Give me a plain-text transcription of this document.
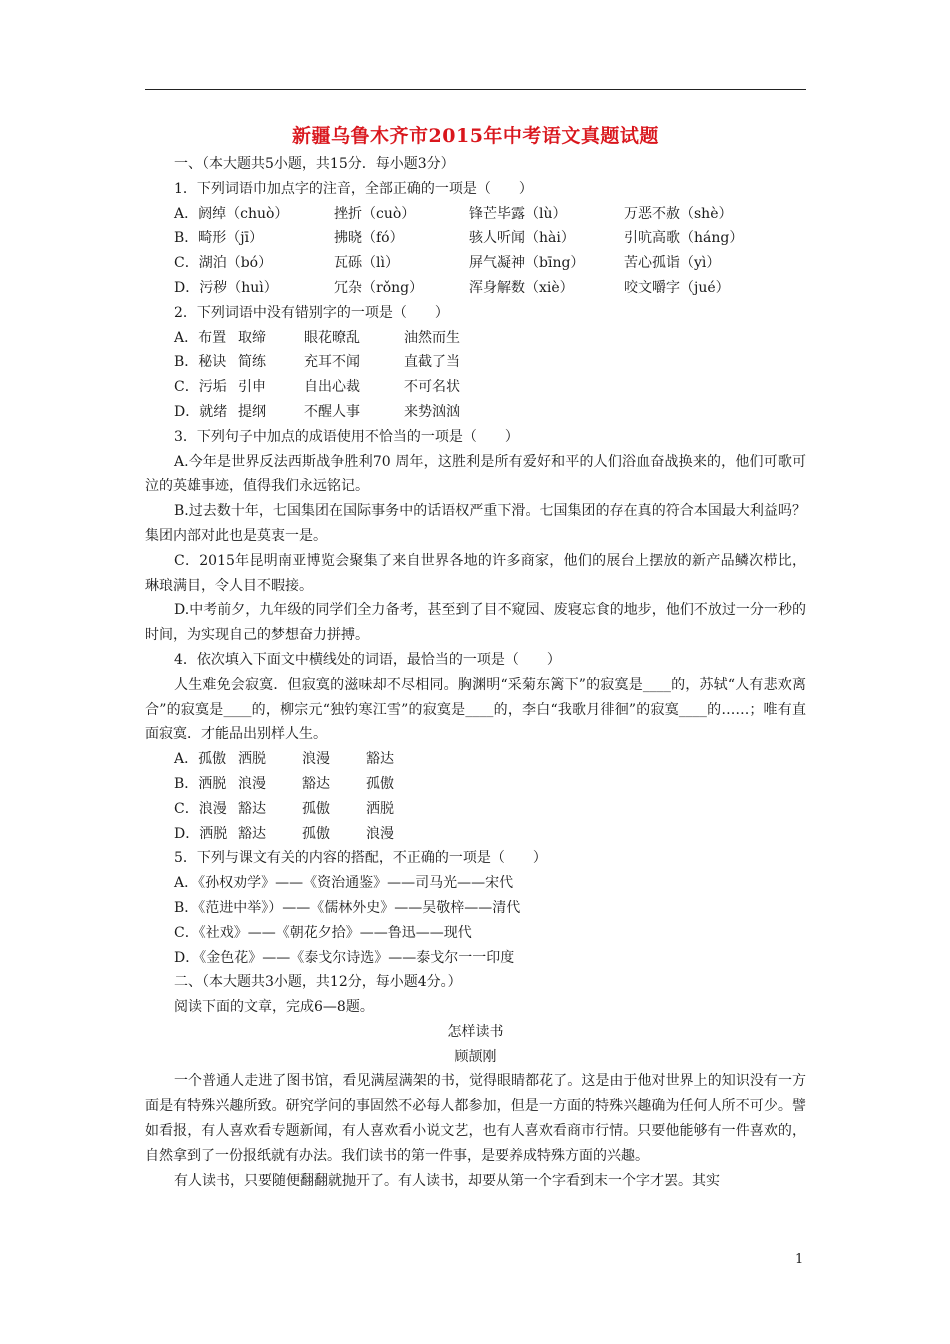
新疆乌鲁木齐市2015年中考语文真题试题

一、（本大题共5小题，共15分．每小题3分）

1．下列词语巾加点字的注音，全部正确的一项是（　　）

A．阏绰（chuò）	挫折（cuò）	锋芒毕露（lù）	万恶不赦（shè）

B．畸形（jī）	拂晓（fó）	骇人听闻（hài）	引吭高歌（háng）

C．湖泊（bó）	瓦砾（lì）	屏气凝神（bīng）	苦心孤诣（yì）

D．污秽（huì）	冗杂（rǒng）	浑身解数（xiè）	咬文嚼字（jué）

2．下列词语中没有错别字的一项是（　　）

A．布置 取缔	眼花暸乱	油然而生

B．秘诀 简练	充耳不闻	直截了当

C．污垢 引申	自出心裁	不可名状

D．就绪 提纲	不醒人事	来势汹汹

3．下列句子中加点的成语使用不恰当的一项是（　　）

A.今年是世界反法西斯战争胜利70 周年，这胜利是所有爱好和平的人们浴血奋战换来的，他们可歌可泣的英雄事迹，值得我们永远铭记。

B.过去数十年，七国集团在国际事务中的话语权严重下滑。七国集团的存在真的符合本国最大利益吗？集团内部对此也是莫衷一是。

C．2015年昆明南亚博览会聚集了来自世界各地的许多商家，他们的展台上摆放的新产品鳞次栉比，琳琅满目，令人目不暇接。

D.中考前夕，九年级的同学们全力备考，甚至到了目不窥园、废寝忘食的地步，他们不放过一分一秒的时间，为实现自己的梦想奋力拼搏。

4．依次填入下面文中横线处的词语，最恰当的一项是（　　）

人生难免会寂寞．但寂寞的滋味却不尽相同。胸渊明“采菊东篱下”的寂寞是____的，苏轼“人有悲欢离合”的寂寞是____的，柳宗元“独钓寒江雪”的寂寞是____的，李白“我歌月徘徊”的寂寞____的……；唯有直面寂寞．才能品出别样人生。

A．孤傲 洒脱	浪漫	豁达

B．洒脱 浪漫	豁达	孤傲

C．浪漫 豁达	孤傲	洒脱

D．洒脱 豁达	孤傲	浪漫

5．下列与课文有关的内容的搭配，不正确的一项是（　　）

A．《孙权劝学》——《资治通鉴》——司马光——宋代

B．《范进中举》）——《儒林外史》——吴敬梓——清代

C．《社戏》——《朝花夕拾》——鲁迅——现代

D．《金色花》——《泰戈尔诗选》——泰戈尔一一印度

二、（本大题共3小题，共12分，每小题4分。）

阅读下面的文章，完成6—8题。

怎样读书

顾颉刚

一个普通人走进了图书馆，看见满屋满架的书，觉得眼睛都花了。这是由于他对世界上的知识没有一方面是有特殊兴趣所致。研究学问的事固然不必每人都参加，但是一方面的特殊兴趣确为任何人所不可少。譬如看报，有人喜欢看专题新闻，有人喜欢看小说文艺，也有人喜欢看商市行情。只要他能够有一件喜欢的，自然拿到了一份报纸就有办法。我们读书的第一件事，是要养成特殊方面的兴趣。

有人读书，只要随便翻翻就抛开了。有人读书，却要从第一个字看到末一个字才罢。其实

1
